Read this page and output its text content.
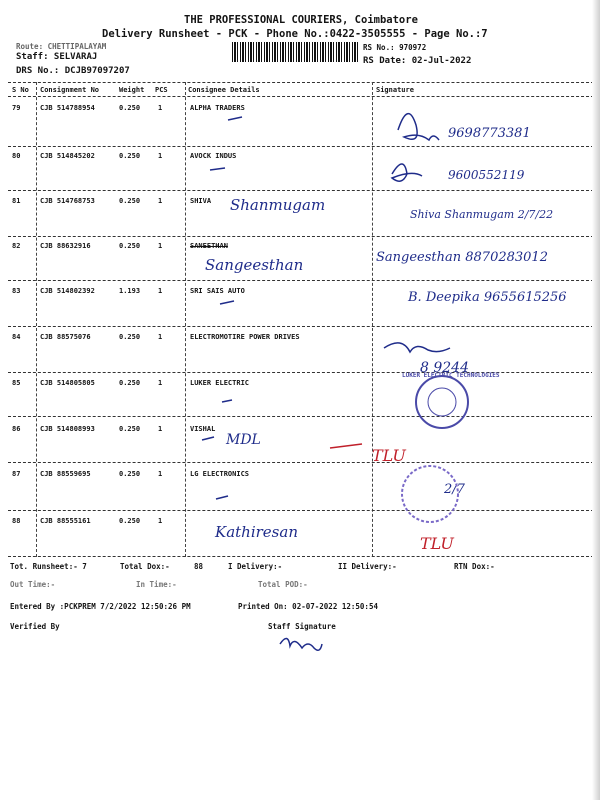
THE PROFESSIONAL COURIERS, Coimbatore
Delivery Runsheet - PCK - Phone No.:0422-3505555 - Page No.:7
Route: CHETTIPALAYAM
Staff: SELVARAJ
DRS No.: DCJB97097207
RS No.: 970972
RS Date: 02-Jul-2022
S No Consignment No	Weight PCS	Consignee Details	Signature
79	CJB 514788954	0.250	1	ALPHA TRADERS
9698773381
80	CJB 514845202	0.250	1	AVOCK INDUS
9600552119
81	CJB 514768753	0.250	1	SHIVA Shanmugam
Shiva Shanmugam 2/7/22
82	CJB 88632916	0.250	1	SANEETHAN
Sangeesthan	Sangeesthan 8870283012
83	CJB 514802392	1.193	1	SRI SAIS AUTO	B. Deepika 9655615256
84	CJB 88575076	0.250	1	ELECTROMOTIRE POWER DRIVES
8 9244
85	CJB 514805805	0.250	1	LUKER ELECTRIC
86	CJB 514808993	0.250	1	VISHAL
MDL
TLU
87	CJB 88559695	0.250	1	LG ELECTRONICS
2/7
88	CJB 88555161	0.250	1
Kathiresan
TLU
LUKER ELECTRIC TECHNOLOGIES
Tot. Runsheet:- 7	Total Dox:-	88	I Delivery:-	II Delivery:-	RTN Dox:-
Out Time:-	In Time:-	Total POD:-
Entered By :PCKPREM 7/2/2022 12:50:26 PM	Printed On: 02-07-2022 12:50:54
Verified By	Staff Signature
